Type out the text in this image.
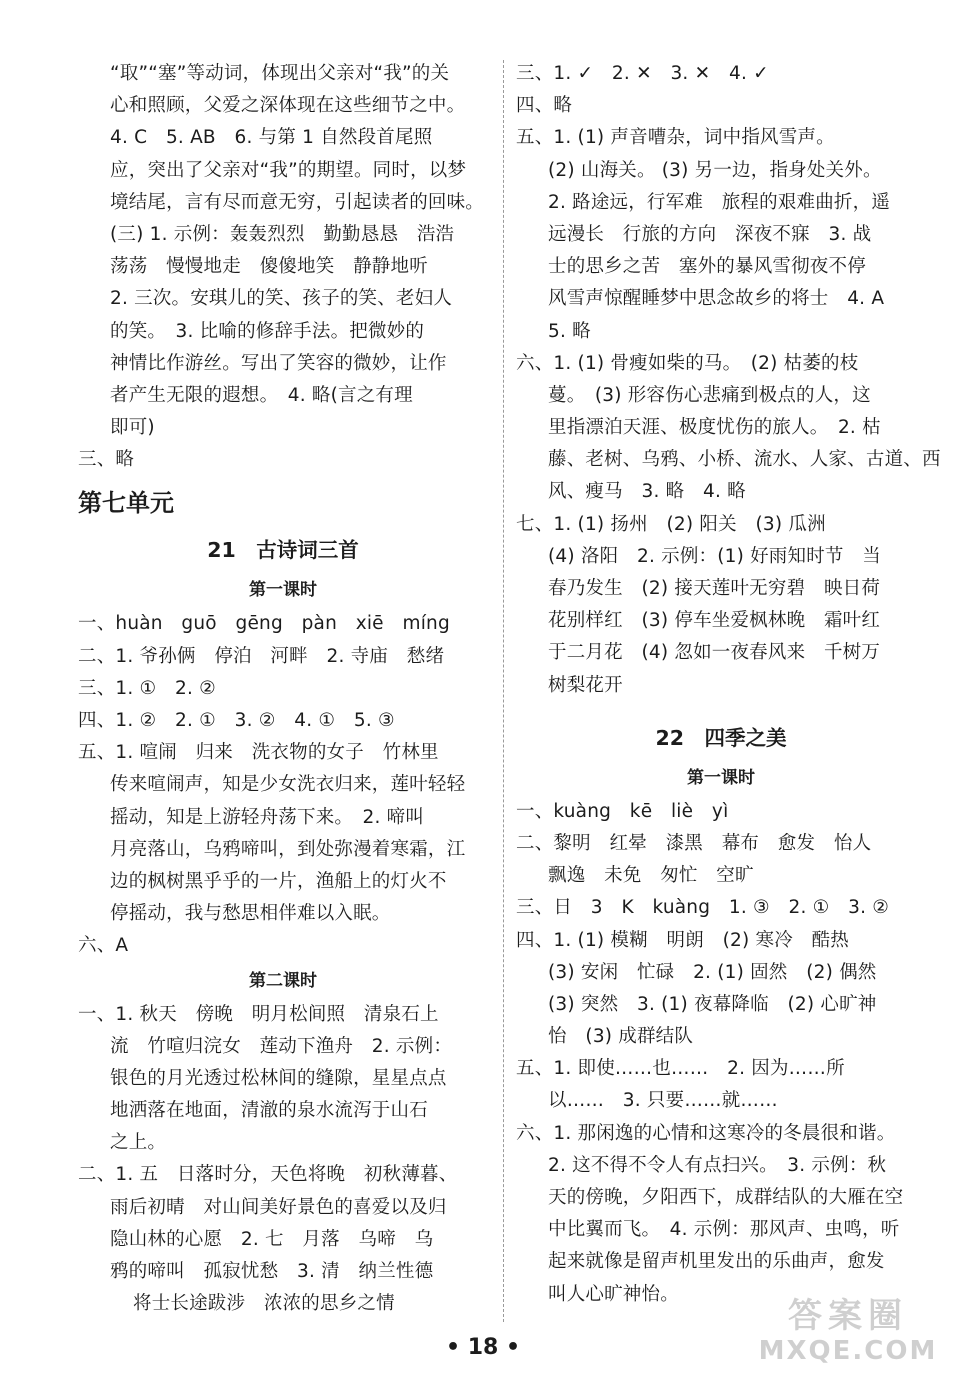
“取”“塞”等动词，体现出父亲对“我”的关
心和照顾，父爱之深体现在这些细节之中。
4. C　5. AB　6. 与第 1 自然段首尾照
应，突出了父亲对“我”的期望。同时，以梦
境结尾，言有尽而意无穷，引起读者的回味。
(三) 1. 示例：轰轰烈烈　勤勤恳恳　浩浩
荡荡　慢慢地走　傻傻地笑　静静地听
2. 三次。安琪儿的笑、孩子的笑、老妇人
的笑。　3. 比喻的修辞手法。把微妙的
神情比作游丝。写出了笑容的微妙，让作
者产生无限的遐想。　4. 略(言之有理
即可)
三、略
第七单元
21　古诗词三首
第一课时
一、huàn　guō　gēng　pàn　xiē　míng
二、1. 爷孙俩　停泊　河畔　2. 寺庙　愁绪
三、1. ①　2. ②
四、1. ②　2. ①　3. ②　4. ①　5. ③
五、1. 喧闹　归来　洗衣物的女子　竹林里
传来喧闹声，知是少女洗衣归来，莲叶轻轻
摇动，知是上游轻舟荡下来。　2. 啼叫
月亮落山，乌鸦啼叫，到处弥漫着寒霜，江
边的枫树黑乎乎的一片，渔船上的灯火不
停摇动，我与愁思相伴难以入眠。
六、A
第二课时
一、1. 秋天　傍晚　明月松间照　清泉石上
流　竹喧归浣女　莲动下渔舟　2. 示例：
银色的月光透过松林间的缝隙，星星点点
地洒落在地面，清澈的泉水流泻于山石
之上。
二、1. 五　日落时分，天色将晚　初秋薄暮、
雨后初晴　对山间美好景色的喜爱以及归
隐山林的心愿　2. 七　月落　乌啼　乌
鸦的啼叫　孤寂忧愁　3. 清　纳兰性德
将士长途跋涉　浓浓的思乡之情
三、1. ✓　2. ✕　3. ✕　4. ✓
四、略
五、1. (1) 声音嘈杂，词中指风雪声。
(2) 山海关。 (3) 另一边，指身处关外。
2. 路途远，行军难　旅程的艰难曲折，遥
远漫长　行旅的方向　深夜不寐　3. 战
士的思乡之苦　塞外的暴风雪彻夜不停
风雪声惊醒睡梦中思念故乡的将士　4. A
5. 略
六、1. (1) 骨瘦如柴的马。　(2) 枯萎的枝
蔓。　(3) 形容伤心悲痛到极点的人，这
里指漂泊天涯、极度忧伤的旅人。　2. 枯
藤、老树、乌鸦、小桥、流水、人家、古道、西
风、瘦马　3. 略　4. 略
七、1. (1) 扬州　(2) 阳关　(3) 瓜洲
(4) 洛阳　2. 示例：(1) 好雨知时节　当
春乃发生　(2) 接天莲叶无穷碧　映日荷
花别样红　(3) 停车坐爱枫林晚　霜叶红
于二月花　(4) 忽如一夜春风来　千树万
树梨花开
22　四季之美
第一课时
一、kuàng　kē　liè　yì
二、黎明　红晕　漆黑　幕布　愈发　怡人
飘逸　未免　匆忙　空旷
三、日　3　K　kuàng　1. ③　2. ①　3. ②
四、1. (1) 模糊　明朗　(2) 寒冷　酷热
(3) 安闲　忙碌　2. (1) 固然　(2) 偶然
(3) 突然　3. (1) 夜幕降临　(2) 心旷神
怡　(3) 成群结队
五、1. 即使……也……　2. 因为……所
以……　3. 只要……就……
六、1. 那闲逸的心情和这寒冷的冬晨很和谐。
2. 这不得不令人有点扫兴。　3. 示例：秋
天的傍晚，夕阳西下，成群结队的大雁在空
中比翼而飞。　4. 示例：那风声、虫鸣，听
起来就像是留声机里发出的乐曲声，愈发
叫人心旷神怡。
• 18 •
答案圈
MXQE.COM
